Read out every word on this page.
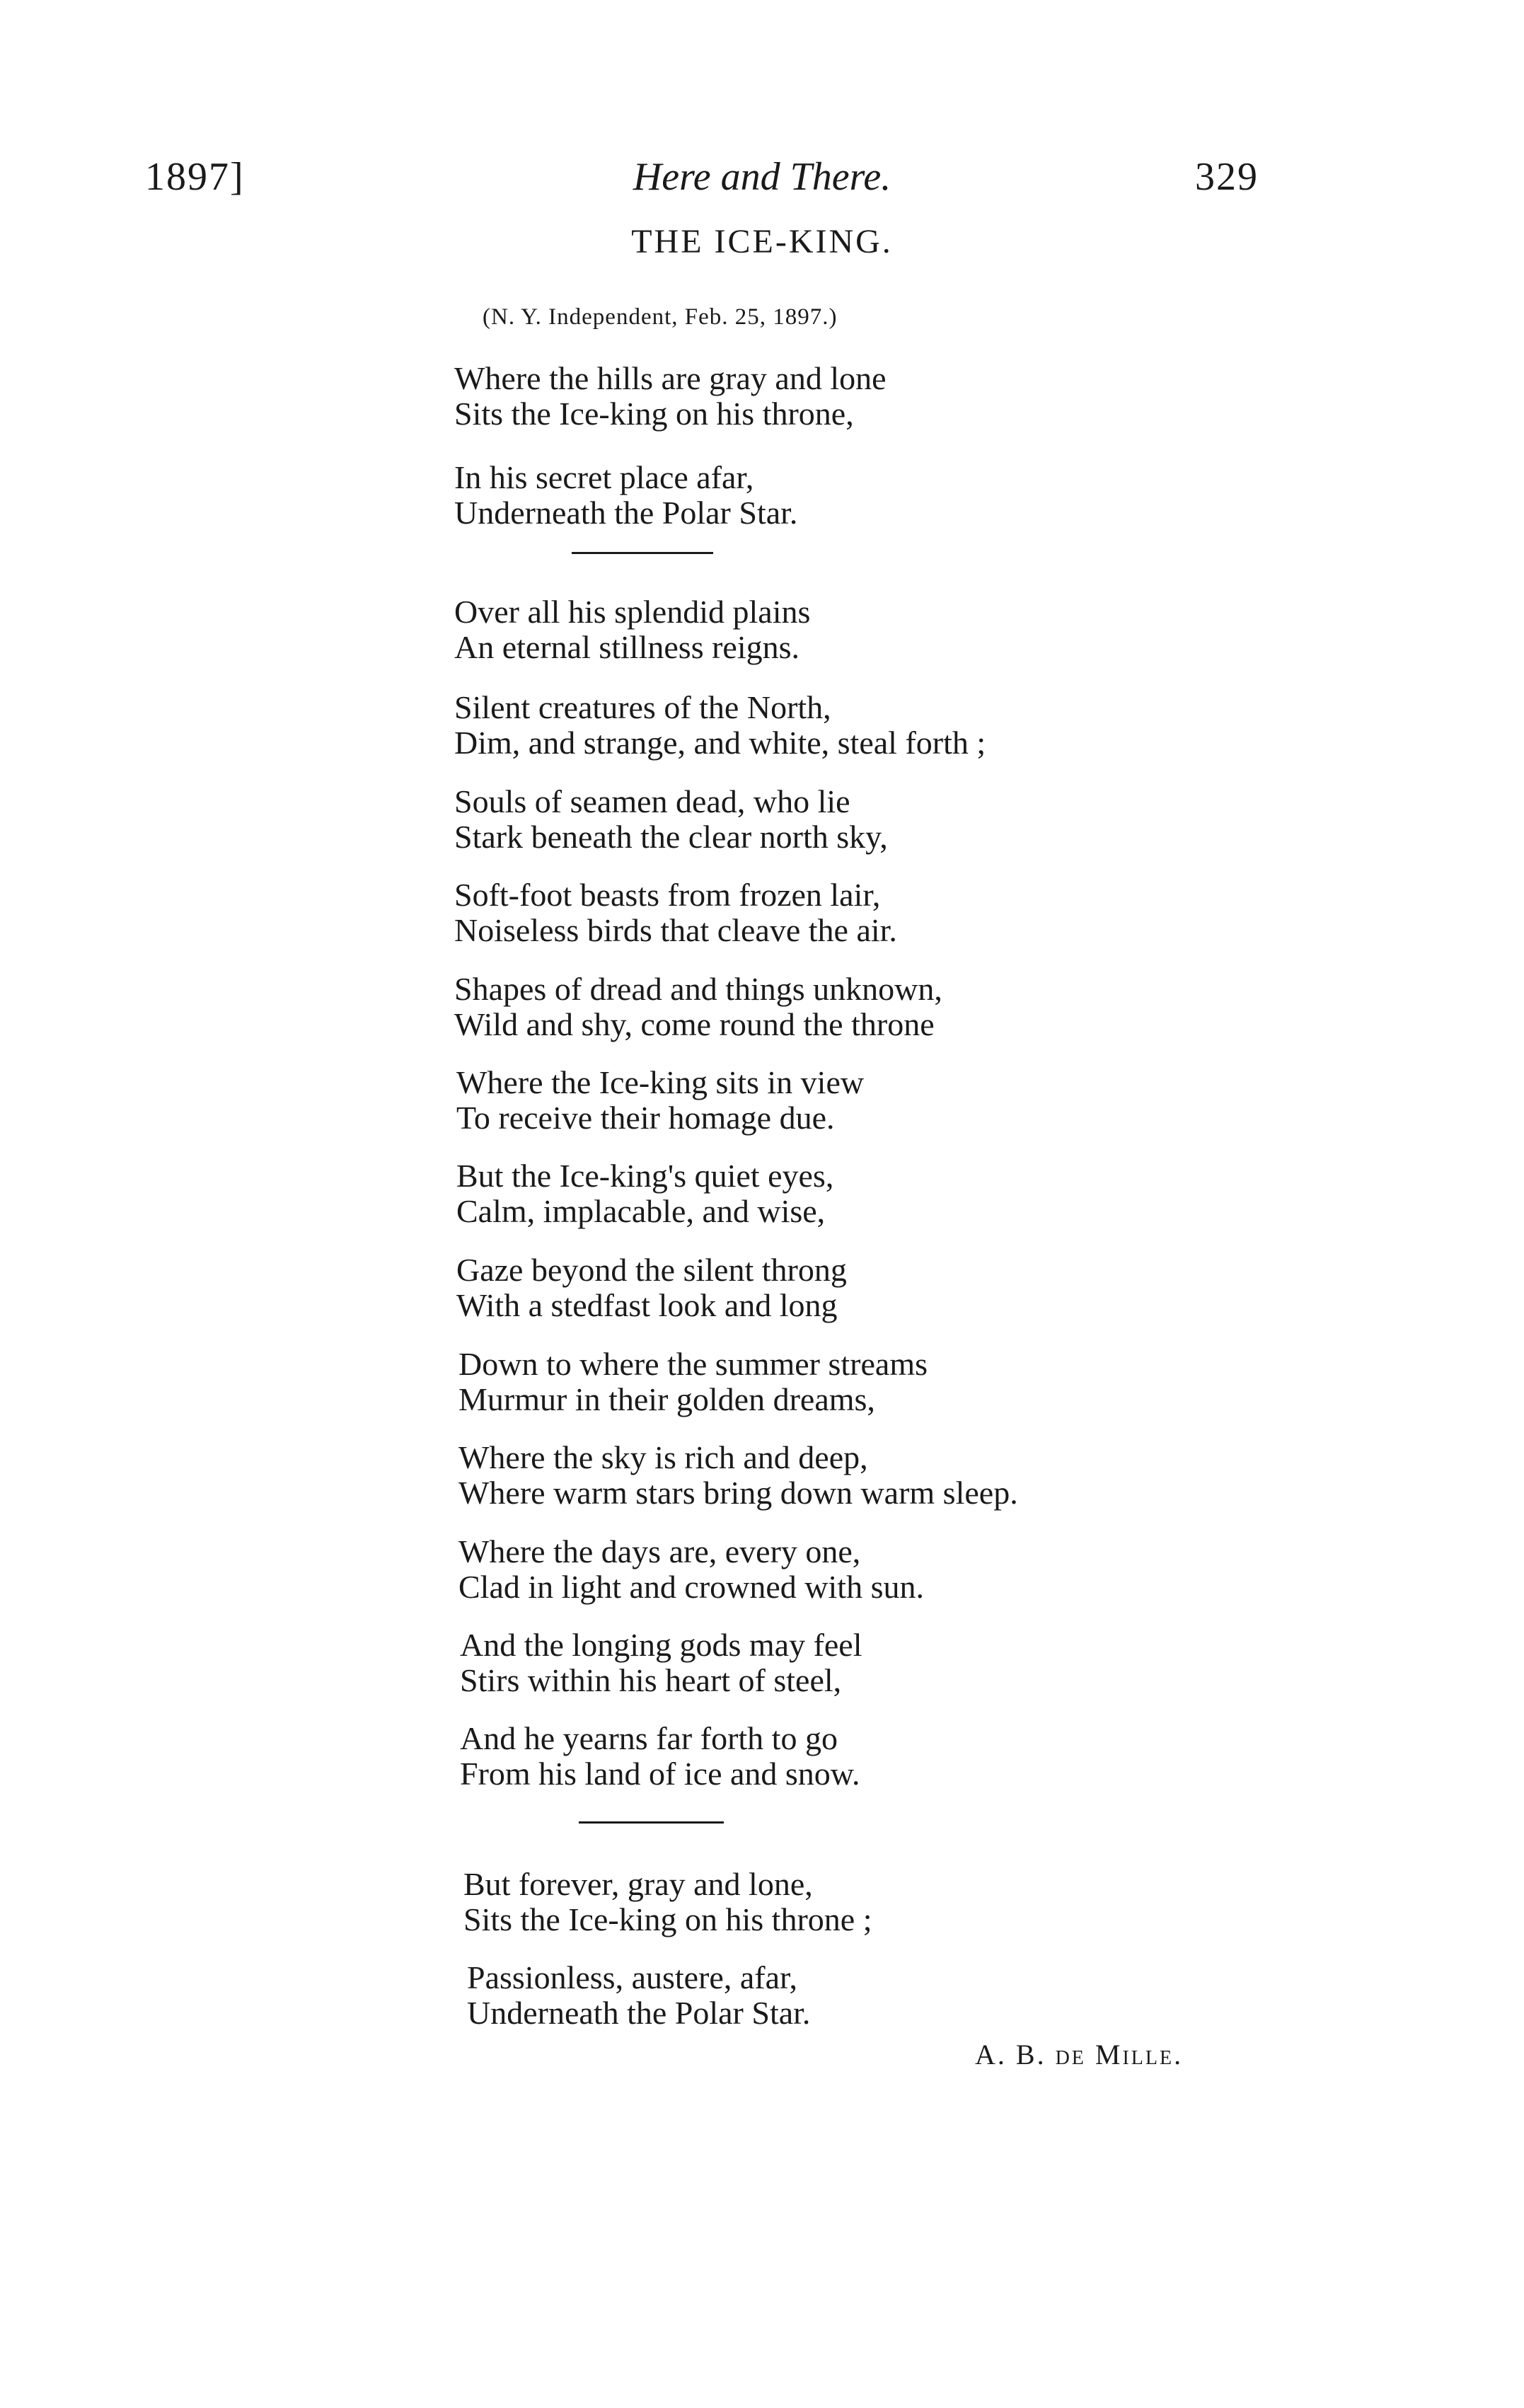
1897]	Here and There.	329
THE ICE-KING.
(N. Y. Independent, Feb. 25, 1897.)
Where the hills are gray and lone
Sits the Ice-king on his throne,
In his secret place afar,
Underneath the Polar Star.
Over all his splendid plains
An eternal stillness reigns.
Silent creatures of the North,
Dim, and strange, and white, steal forth ;
Souls of seamen dead, who lie
Stark beneath the clear north sky,
Soft-foot beasts from frozen lair,
Noiseless birds that cleave the air.
Shapes of dread and things unknown,
Wild and shy, come round the throne
Where the Ice-king sits in view
To receive their homage due.
But the Ice-king's quiet eyes,
Calm, implacable, and wise,
Gaze beyond the silent throng
With a stedfast look and long
Down to where the summer streams
Murmur in their golden dreams,
Where the sky is rich and deep,
Where warm stars bring down warm sleep.
Where the days are, every one,
Clad in light and crowned with sun.
And the longing gods may feel
Stirs within his heart of steel,
And he yearns far forth to go
From his land of ice and snow.
But forever, gray and lone,
Sits the Ice-king on his throne ;
Passionless, austere, afar,
Underneath the Polar Star.
A. B. de Mille.
